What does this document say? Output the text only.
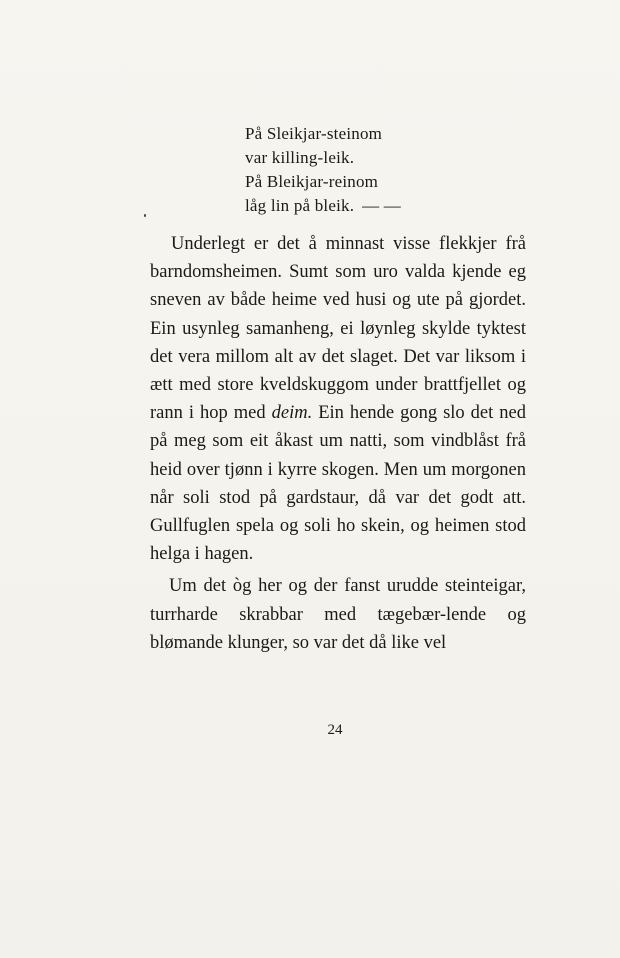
På Sleikjar-steinom
var killing-leik.
På Bleikjar-reinom
låg lin på bleik. — —

Underlegt er det å minnast visse flekkjer frå barndomsheimen. Sumt som uro valda kjende eg sneven av både heime ved husi og ute på gjordet. Ein usynleg samanheng, ei løynleg skylde tyktest det vera millom alt av det slaget. Det var liksom i ætt med store kveldskuggom under brattfjellet og rann i hop med deim. Ein hende gong slo det ned på meg som eit åkast um natti, som vindblåst frå heid over tjønn i kyrre skogen. Men um morgonen når soli stod på gardstaur, då var det godt att. Gullfuglen spela og soli ho skein, og heimen stod helga i hagen.

Um det òg her og der fanst urudde steinteigar, turrharde skrabbar med tægebær-lende og blømande klunger, so var det då like vel

24
